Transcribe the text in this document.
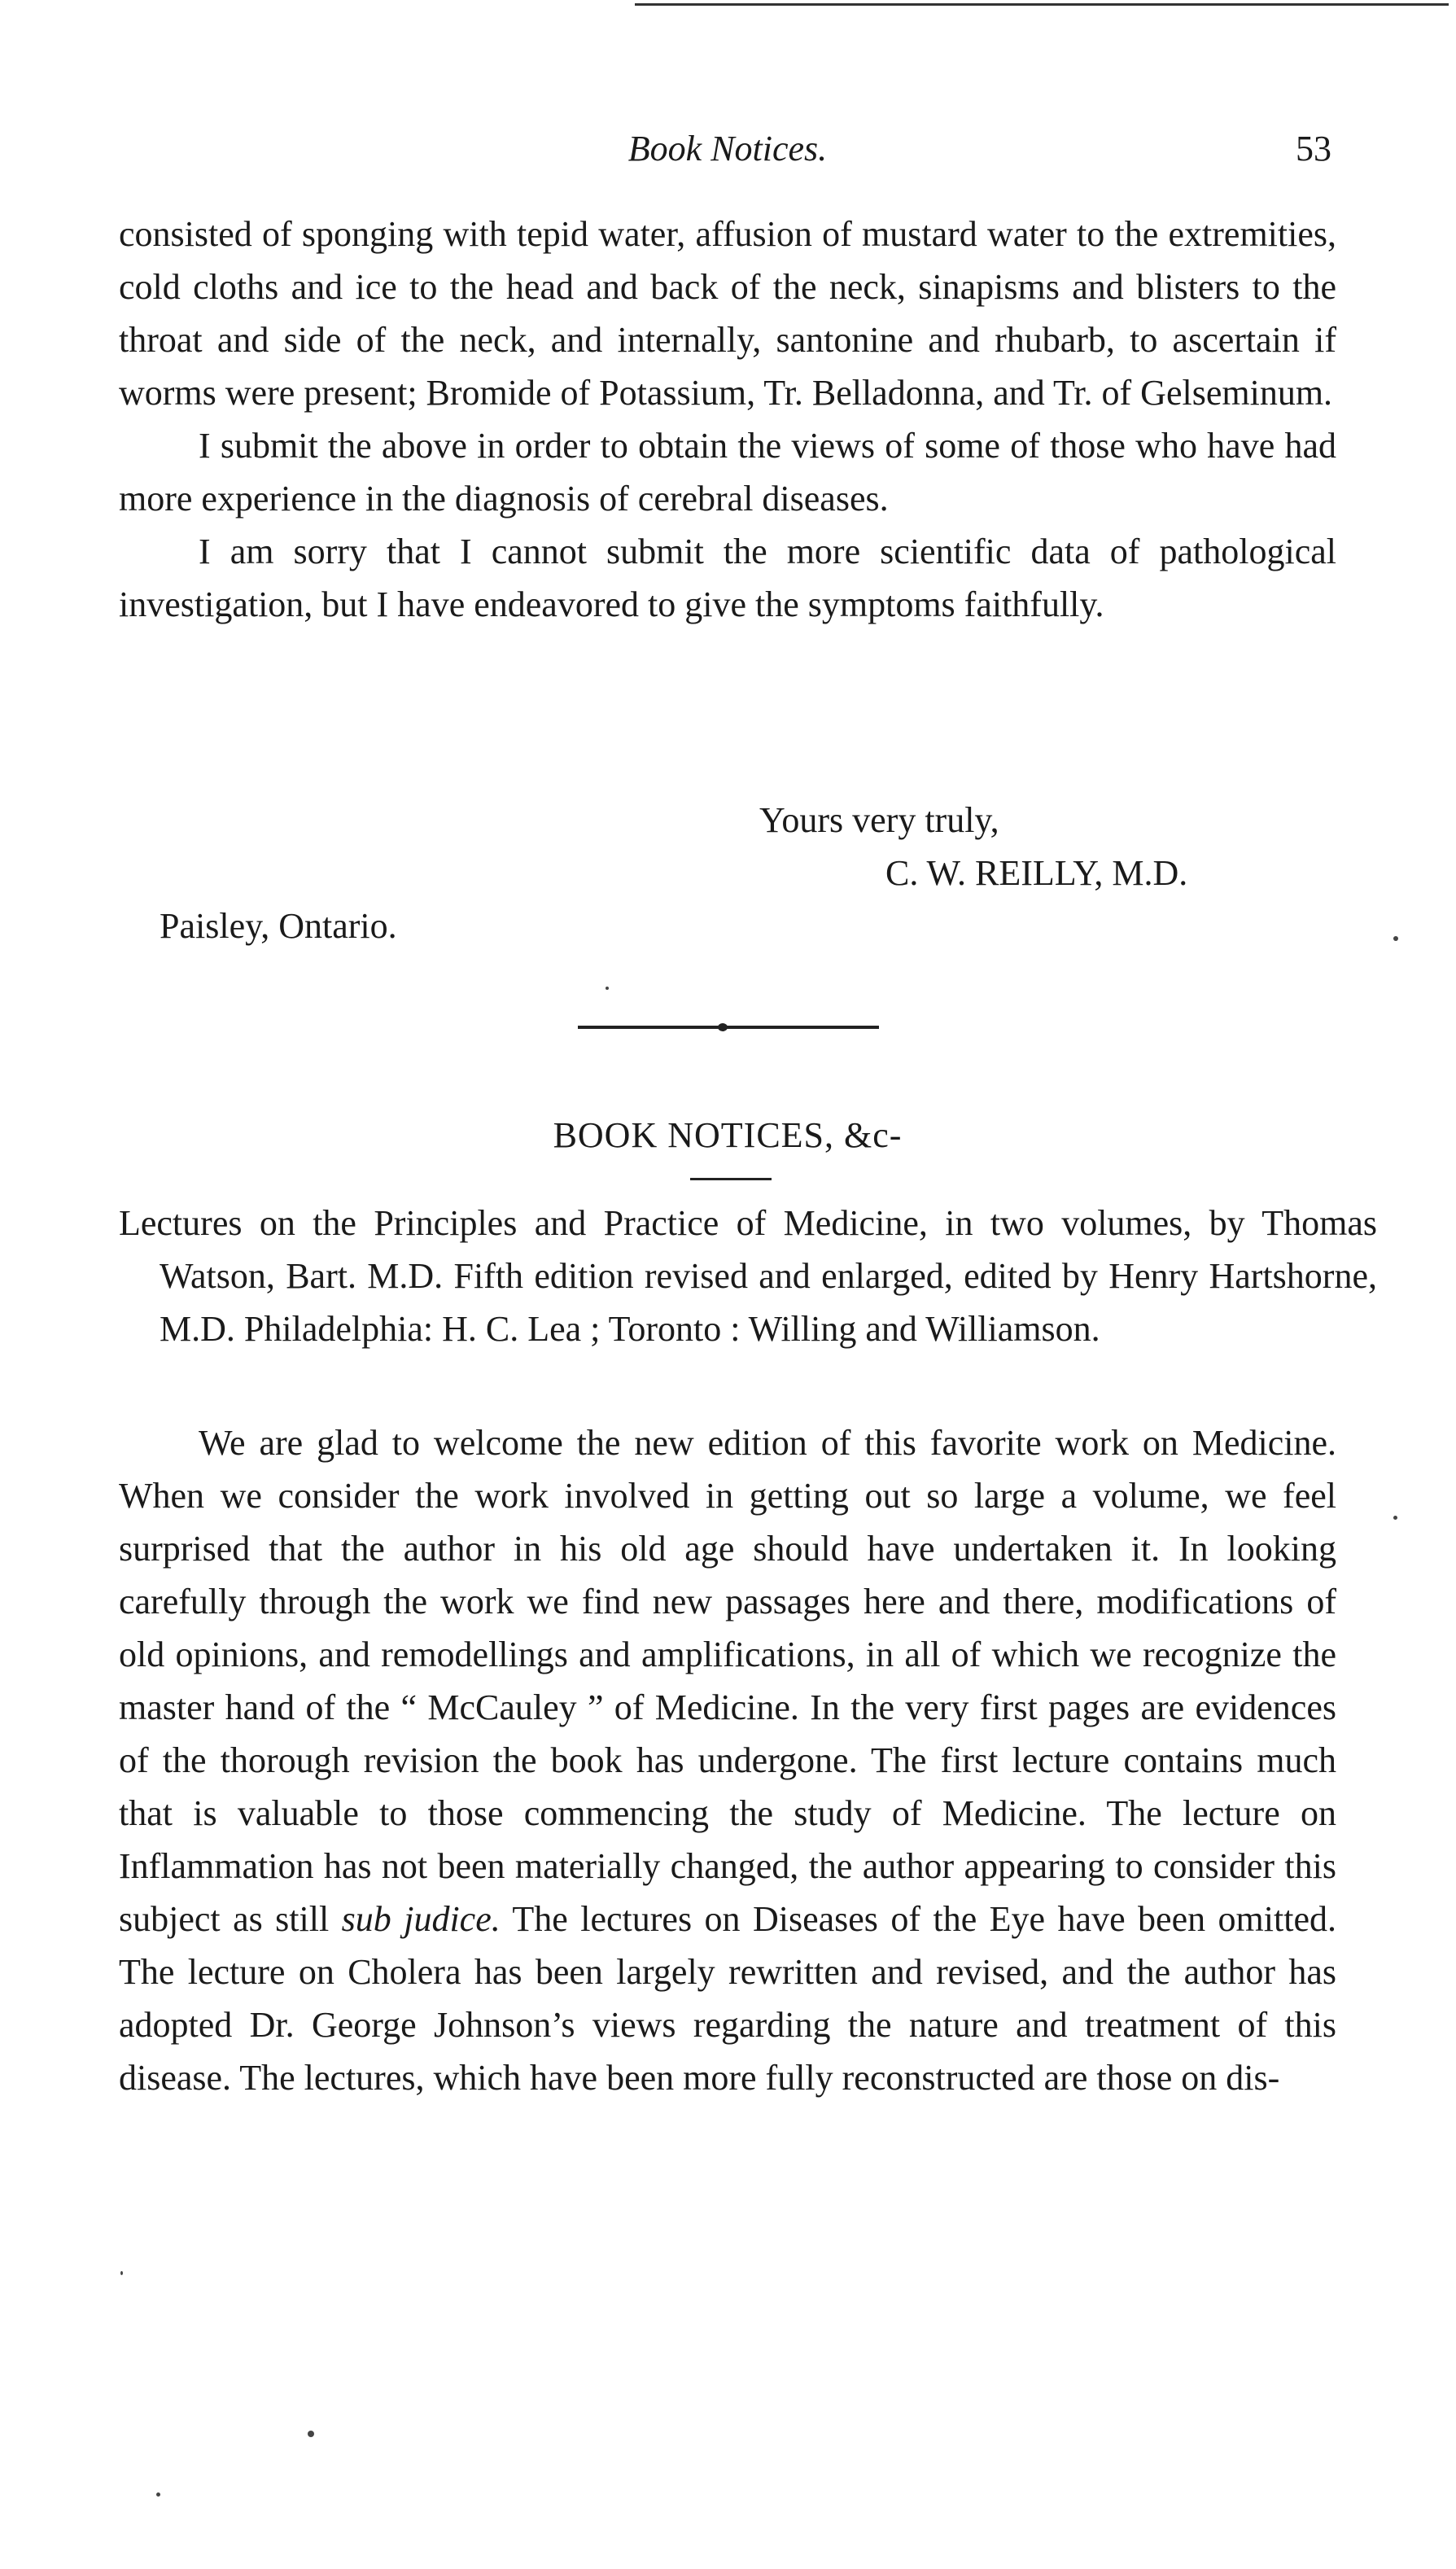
Book Notices.	53

consisted of sponging with tepid water, affusion of mustard water to the extremities, cold cloths and ice to the head and back of the neck, sinapisms and blisters to the throat and side of the neck, and internally, santonine and rhubarb, to ascertain if worms were present; Bromide of Potassium, Tr. Belladonna, and Tr. of Gelseminum.

I submit the above in order to obtain the views of some of those who have had more experience in the diagnosis of cerebral diseases.

I am sorry that I cannot submit the more scientific data of pathological investigation, but I have endeavored to give the symptoms faithfully.

Yours very truly,
C. W. REILLY, M.D.
Paisley, Ontario.
BOOK NOTICES, &c-
Lectures on the Principles and Practice of Medicine, in two volumes, by Thomas Watson, Bart. M.D. Fifth edition revised and enlarged, edited by Henry Hartshorne, M.D. Philadelphia: H. C. Lea ; Toronto : Willing and Williamson.

We are glad to welcome the new edition of this favorite work on Medicine. When we consider the work involved in getting out so large a volume, we feel surprised that the author in his old age should have undertaken it. In looking carefully through the work we find new passages here and there, modifications of old opinions, and remodellings and amplifications, in all of which we recognize the master hand of the “ McCauley ” of Medicine. In the very first pages are evidences of the thorough revision the book has undergone. The first lecture contains much that is valuable to those commencing the study of Medicine. The lecture on Inflammation has not been materially changed, the author appearing to consider this subject as still sub judice. The lectures on Diseases of the Eye have been omitted. The lecture on Cholera has been largely rewritten and revised, and the author has adopted Dr. George Johnson’s views regarding the nature and treatment of this disease. The lectures, which have been more fully reconstructed are those on dis-
